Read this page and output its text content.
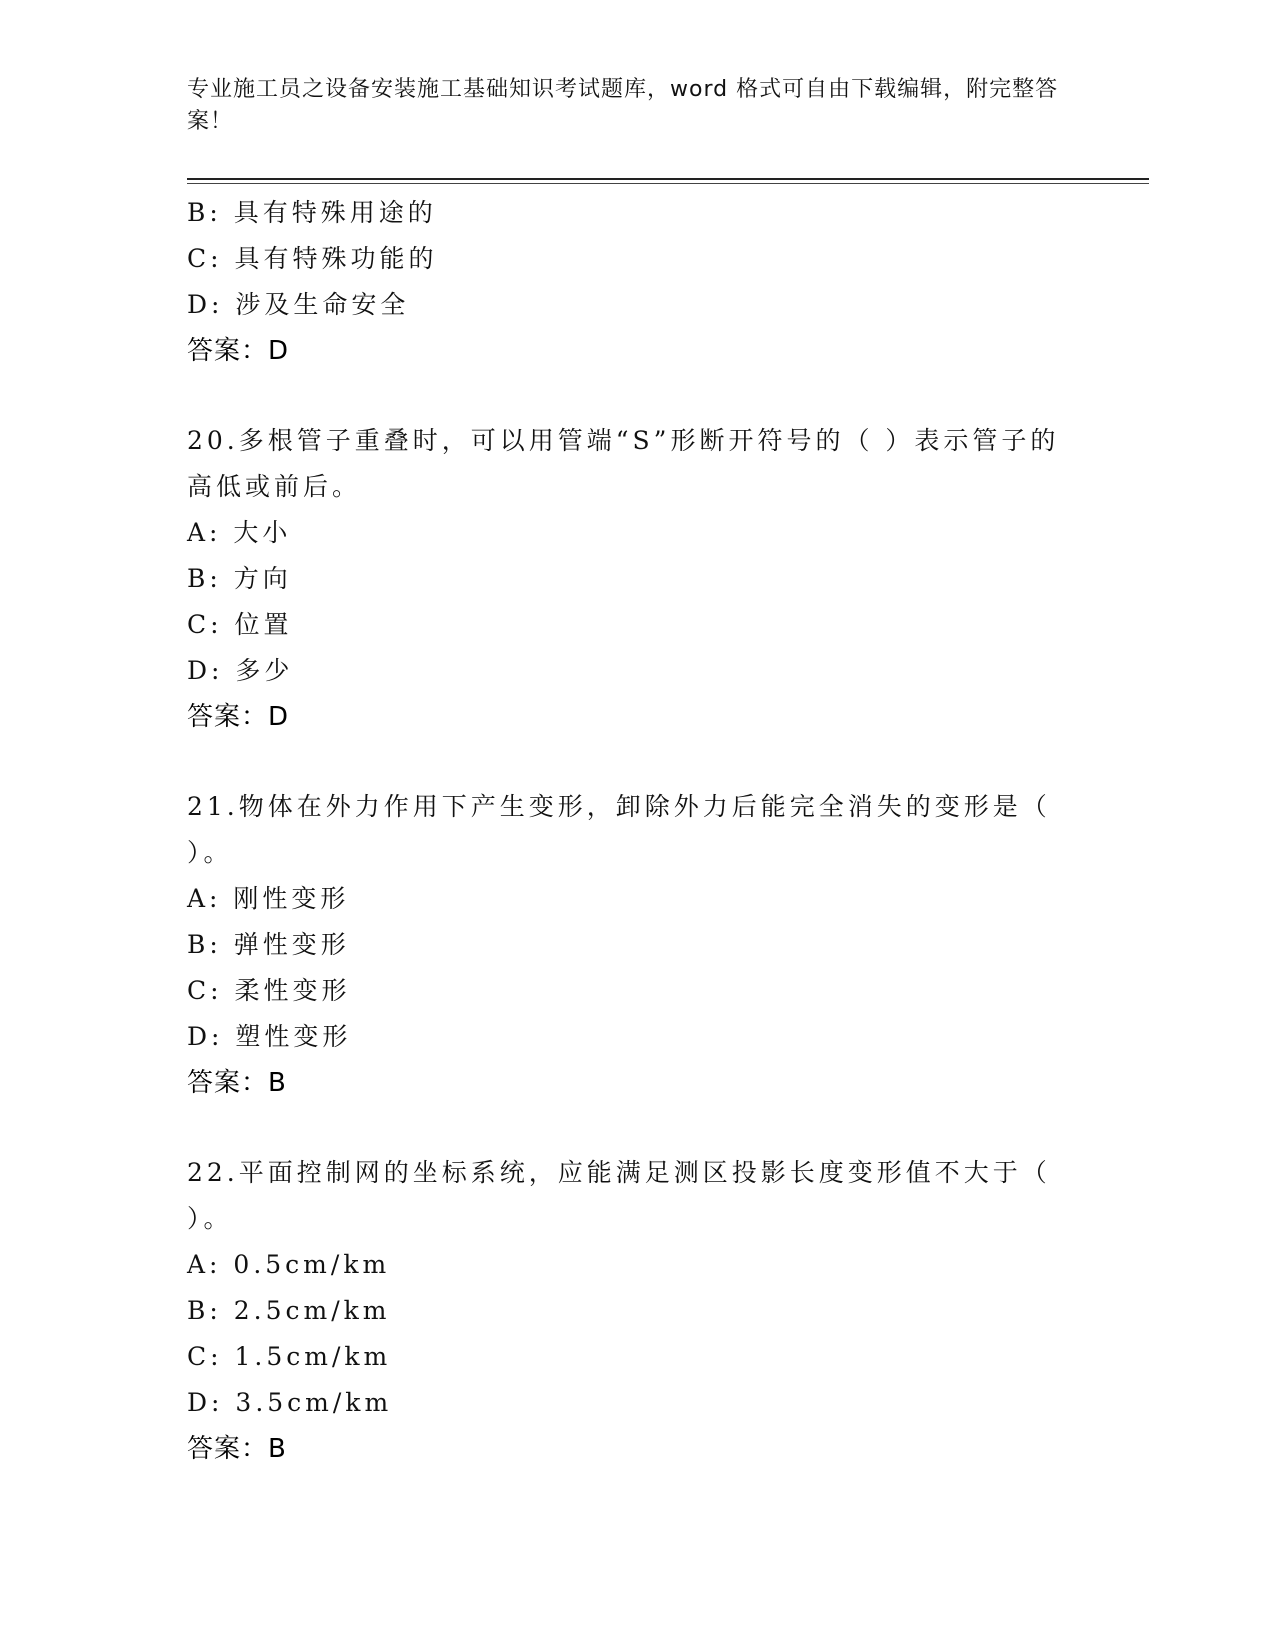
专业施工员之设备安装施工基础知识考试题库，word 格式可自由下载编辑，附完整答案！
B: 具有特殊用途的
C: 具有特殊功能的
D: 涉及生命安全
答案：D
20.多根管子重叠时，可以用管端“S”形断开符号的（ ）表示管子的高低或前后。
A: 大小
B: 方向
C: 位置
D: 多少
答案：D
21.物体在外力作用下产生变形，卸除外力后能完全消失的变形是（ ）。
A: 刚性变形
B: 弹性变形
C: 柔性变形
D: 塑性变形
答案：B
22.平面控制网的坐标系统，应能满足测区投影长度变形值不大于（ ）。
A: 0.5cm/km
B: 2.5cm/km
C: 1.5cm/km
D: 3.5cm/km
答案：B
